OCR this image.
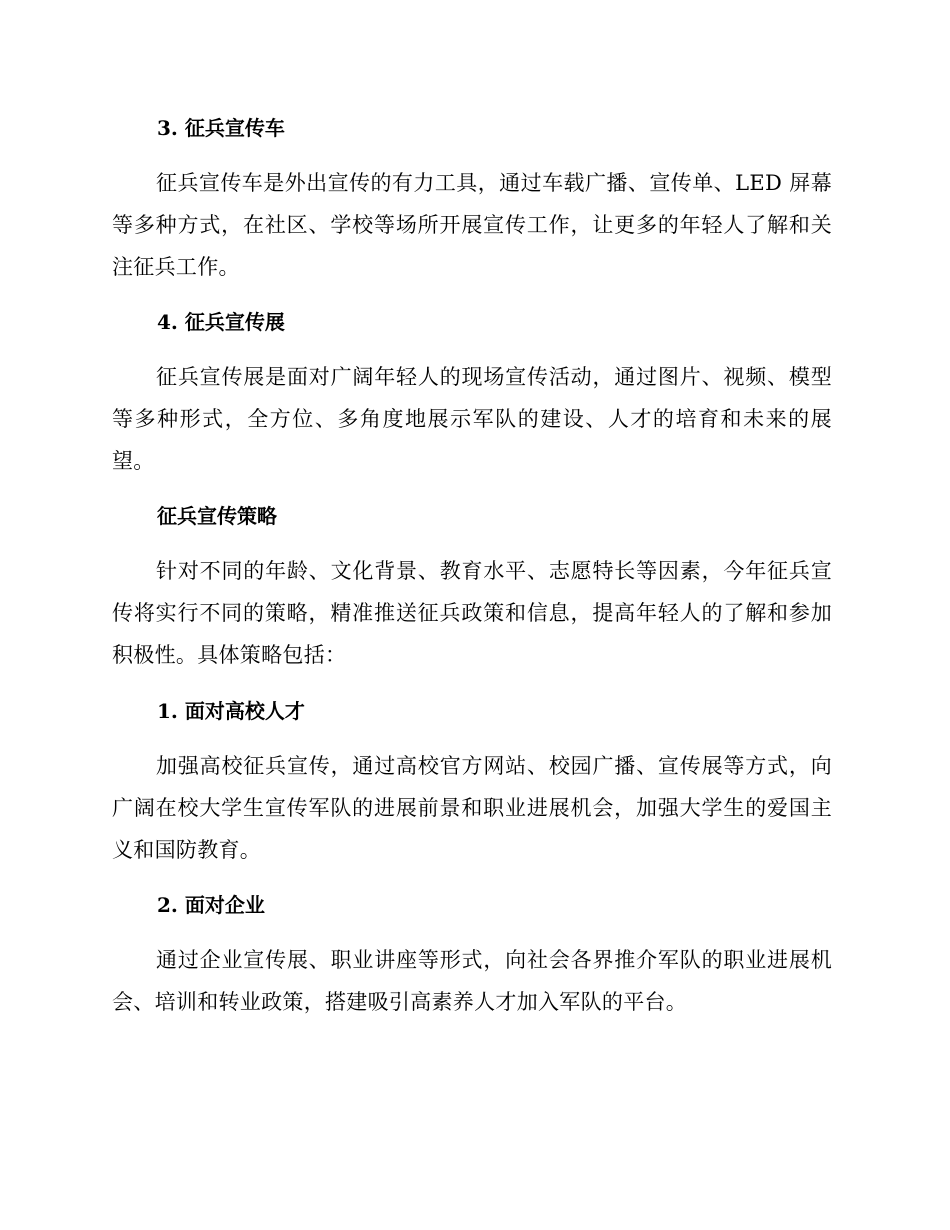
3. 征兵宣传车
征兵宣传车是外出宣传的有力工具，通过车载广播、宣传单、LED 屏幕等多种方式，在社区、学校等场所开展宣传工作，让更多的年轻人了解和关注征兵工作。
4. 征兵宣传展
征兵宣传展是面对广阔年轻人的现场宣传活动，通过图片、视频、模型等多种形式，全方位、多角度地展示军队的建设、人才的培育和未来的展望。
征兵宣传策略
针对不同的年龄、文化背景、教育水平、志愿特长等因素，今年征兵宣传将实行不同的策略，精准推送征兵政策和信息，提高年轻人的了解和参加积极性。具体策略包括：
1. 面对高校人才
加强高校征兵宣传，通过高校官方网站、校园广播、宣传展等方式，向广阔在校大学生宣传军队的进展前景和职业进展机会，加强大学生的爱国主义和国防教育。
2. 面对企业
通过企业宣传展、职业讲座等形式，向社会各界推介军队的职业进展机会、培训和转业政策，搭建吸引高素养人才加入军队的平台。
